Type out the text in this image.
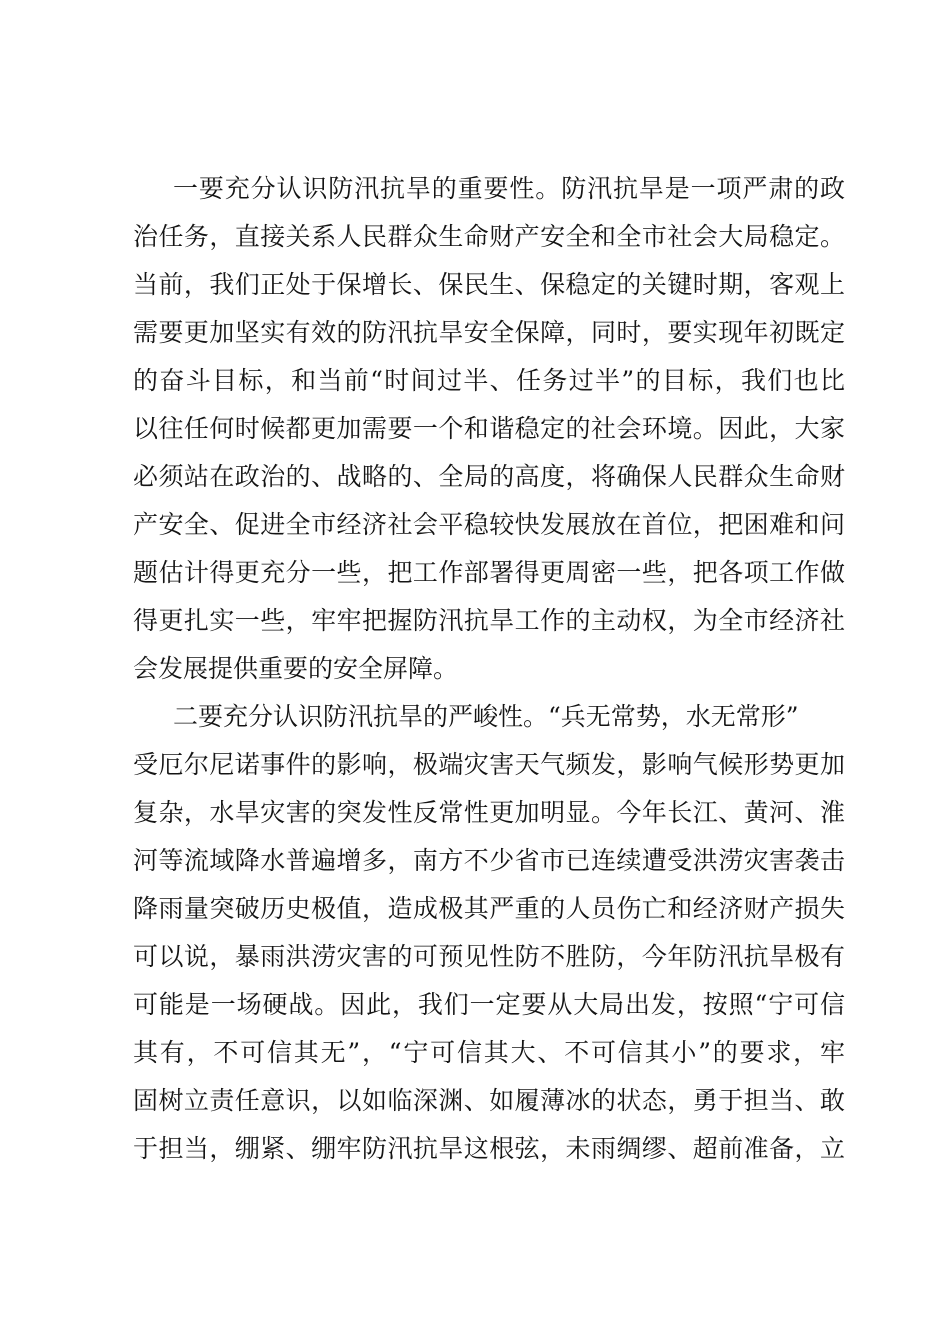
一要充分认识防汛抗旱的重要性。防汛抗旱是一项严肃的政

治任务，直接关系人民群众生命财产安全和全市社会大局稳定。

当前，我们正处于保增长、保民生、保稳定的关键时期，客观上

需要更加坚实有效的防汛抗旱安全保障，同时，要实现年初既定

的奋斗目标，和当前“时间过半、任务过半”的目标，我们也比

以往任何时候都更加需要一个和谐稳定的社会环境。因此，大家

必须站在政治的、战略的、全局的高度，将确保人民群众生命财

产安全、促进全市经济社会平稳较快发展放在首位，把困难和问

题估计得更充分一些，把工作部署得更周密一些，把各项工作做

得更扎实一些，牢牢把握防汛抗旱工作的主动权，为全市经济社

会发展提供重要的安全屏障。

二要充分认识防汛抗旱的严峻性。“兵无常势，水无常形”

受厄尔尼诺事件的影响，极端灾害天气频发，影响气候形势更加

复杂，水旱灾害的突发性反常性更加明显。今年长江、黄河、淮

河等流域降水普遍增多，南方不少省市已连续遭受洪涝灾害袭击

降雨量突破历史极值，造成极其严重的人员伤亡和经济财产损失

可以说，暴雨洪涝灾害的可预见性防不胜防，今年防汛抗旱极有

可能是一场硬战。因此，我们一定要从大局出发，按照“宁可信

其有，不可信其无”，“宁可信其大、不可信其小”的要求，牢

固树立责任意识，以如临深渊、如履薄冰的状态，勇于担当、敢

于担当，绷紧、绷牢防汛抗旱这根弦，未雨绸缪、超前准备，立
